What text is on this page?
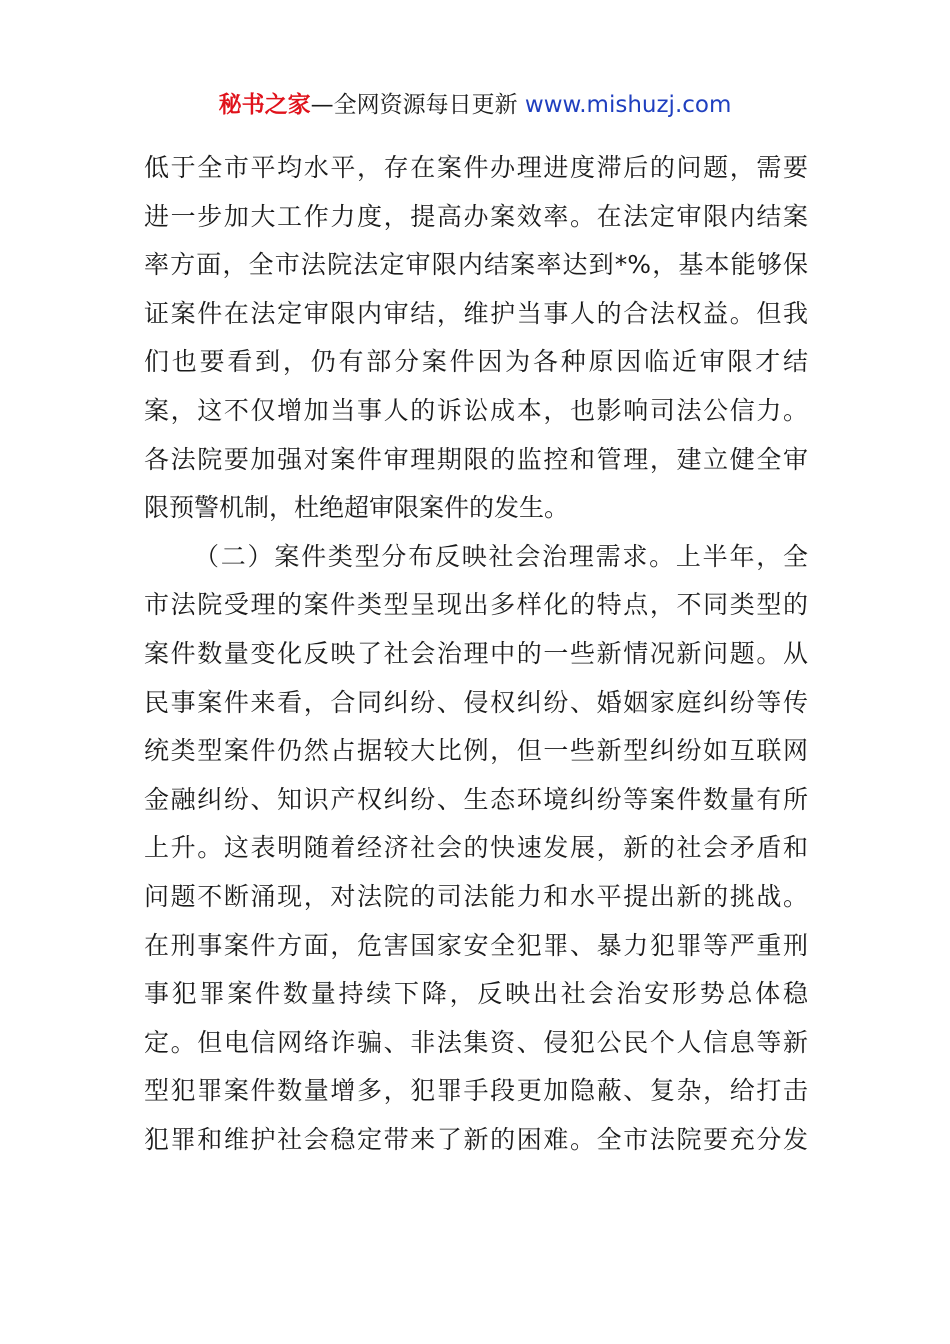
秘书之家—全网资源每日更新 www.mishuzj.com
低于全市平均水平，存在案件办理进度滞后的问题，需要
进一步加大工作力度，提高办案效率。在法定审限内结案
率方面，全市法院法定审限内结案率达到*%，基本能够保
证案件在法定审限内审结，维护当事人的合法权益。但我
们也要看到，仍有部分案件因为各种原因临近审限才结
案，这不仅增加当事人的诉讼成本，也影响司法公信力。
各法院要加强对案件审理期限的监控和管理，建立健全审
限预警机制，杜绝超审限案件的发生。
（二）案件类型分布反映社会治理需求。上半年，全
市法院受理的案件类型呈现出多样化的特点，不同类型的
案件数量变化反映了社会治理中的一些新情况新问题。从
民事案件来看，合同纠纷、侵权纠纷、婚姻家庭纠纷等传
统类型案件仍然占据较大比例，但一些新型纠纷如互联网
金融纠纷、知识产权纠纷、生态环境纠纷等案件数量有所
上升。这表明随着经济社会的快速发展，新的社会矛盾和
问题不断涌现，对法院的司法能力和水平提出新的挑战。
在刑事案件方面，危害国家安全犯罪、暴力犯罪等严重刑
事犯罪案件数量持续下降，反映出社会治安形势总体稳
定。但电信网络诈骗、非法集资、侵犯公民个人信息等新
型犯罪案件数量增多，犯罪手段更加隐蔽、复杂，给打击
犯罪和维护社会稳定带来了新的困难。全市法院要充分发
